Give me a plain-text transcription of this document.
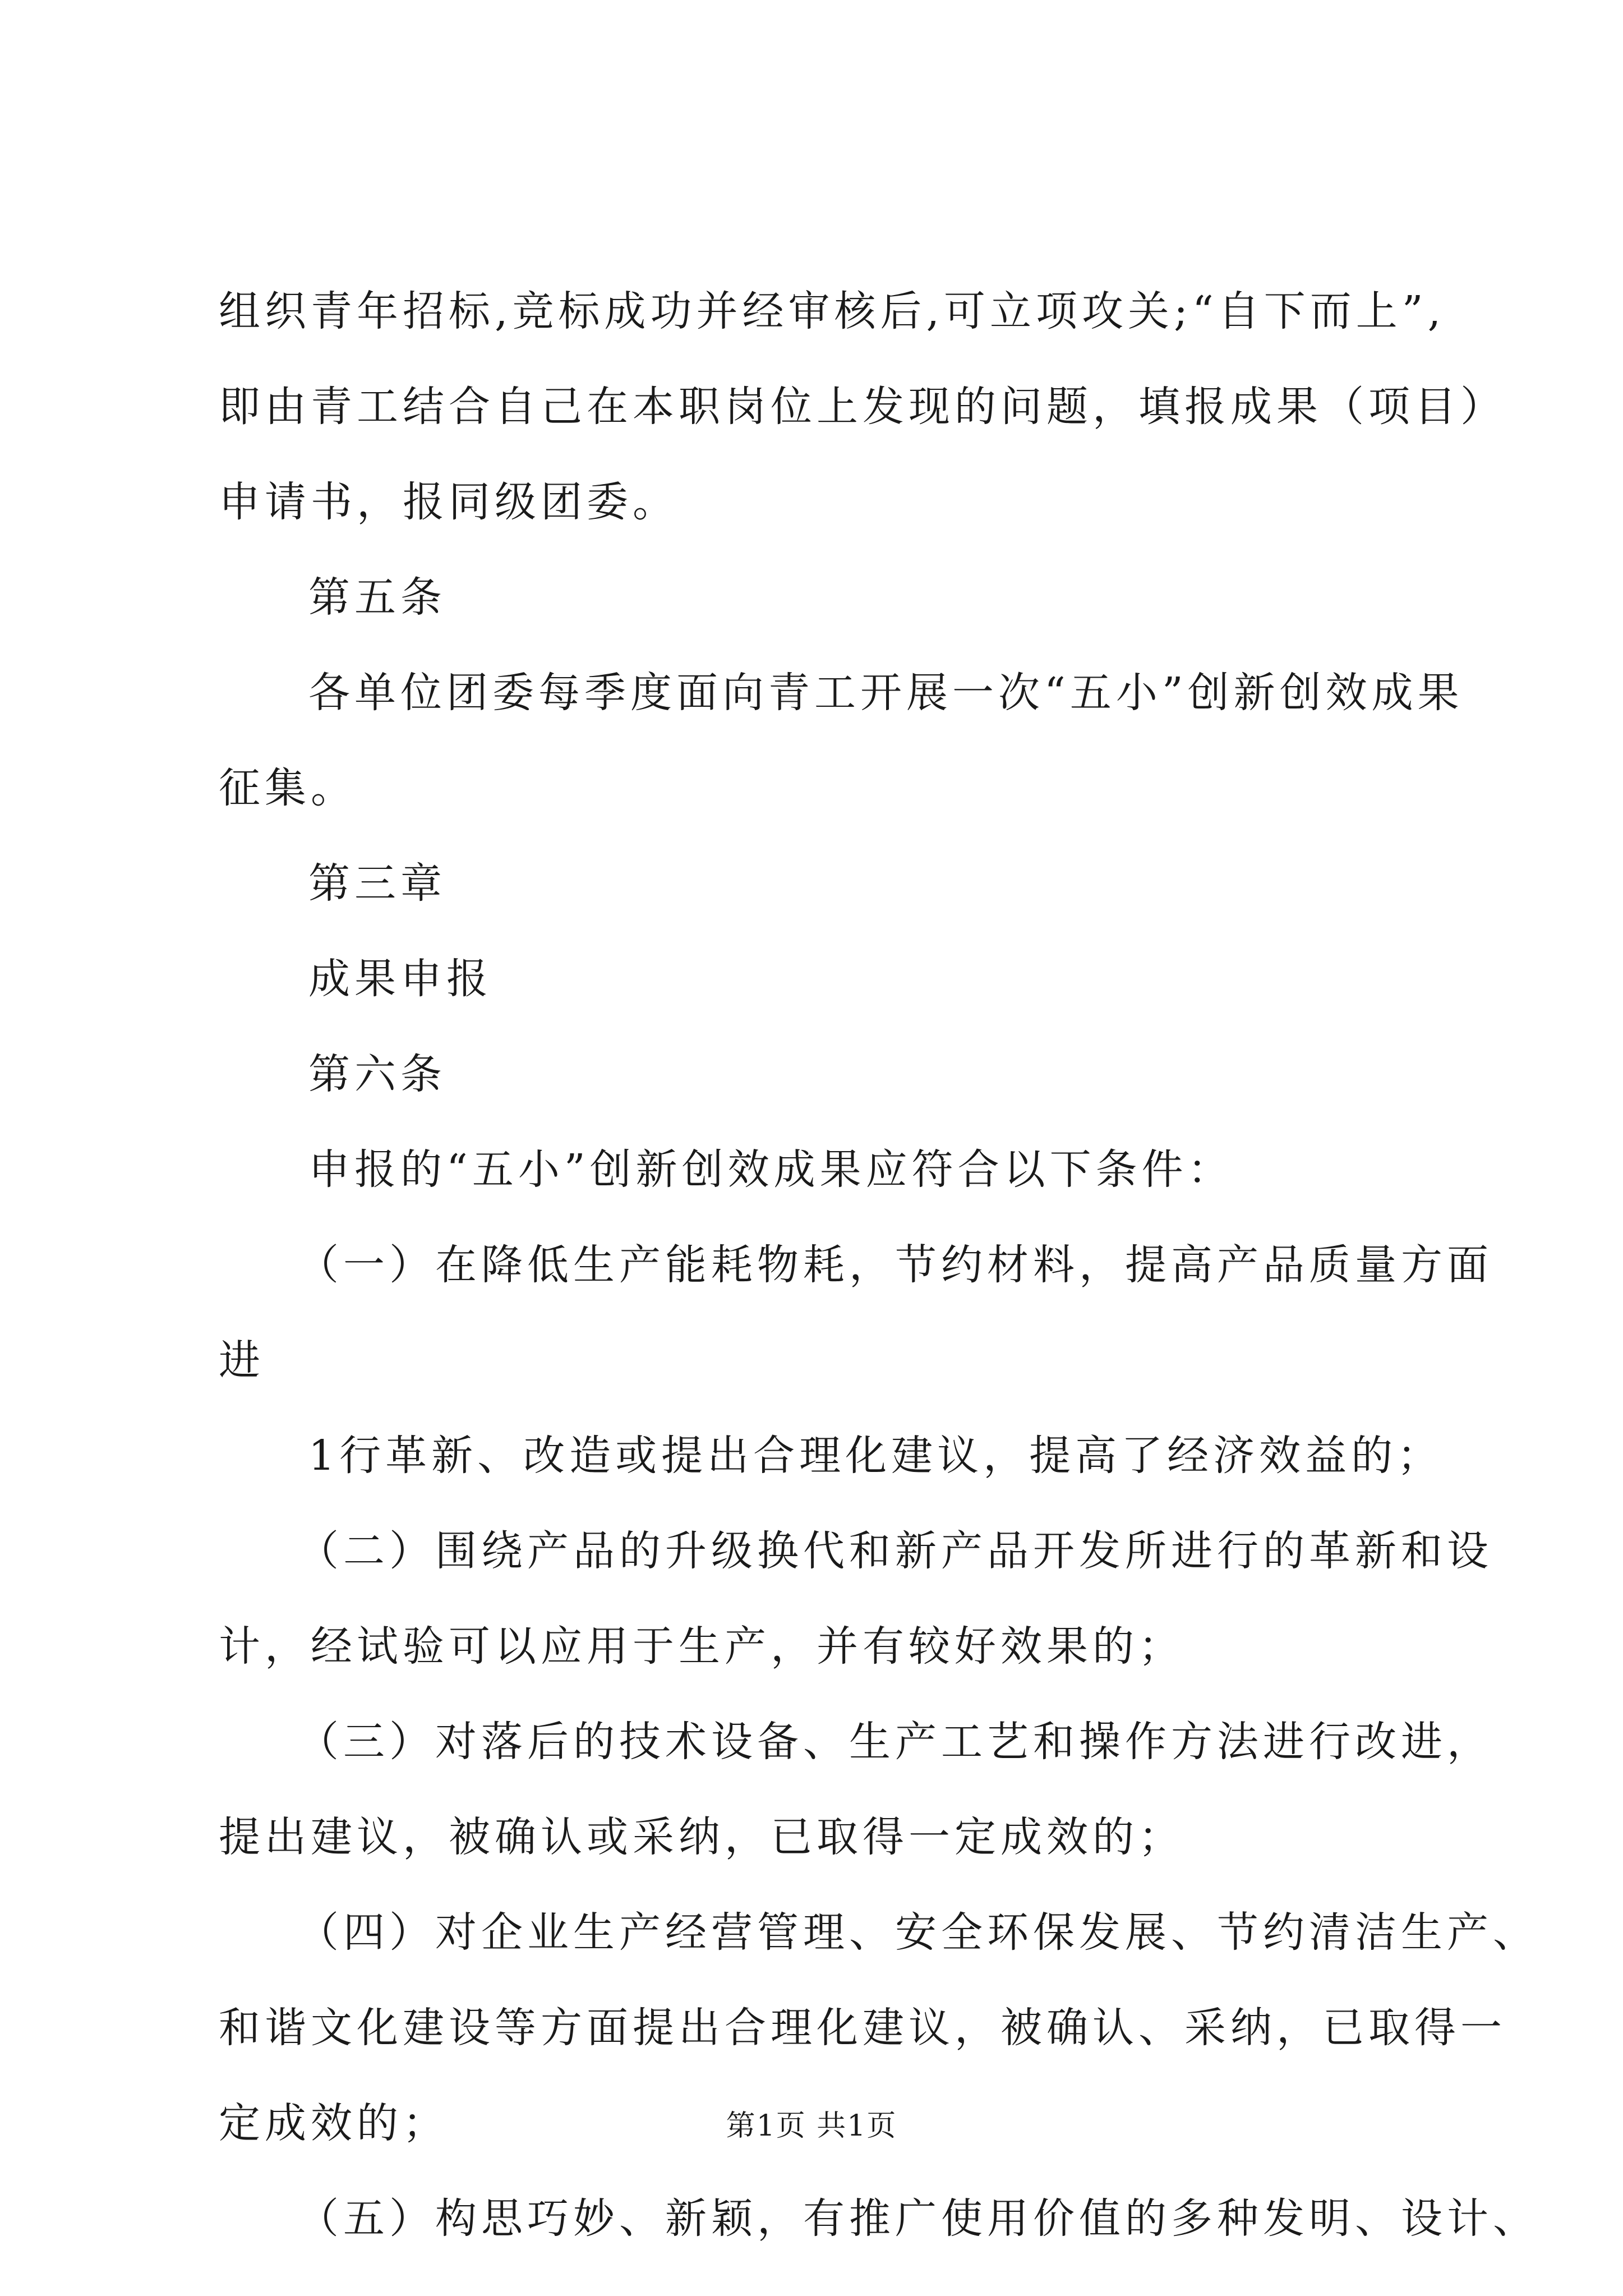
组织青年招标,竞标成功并经审核后,可立项攻关;“自下而上”,
即由青工结合自己在本职岗位上发现的问题，填报成果（项目）
申请书，报同级团委。
第五条
各单位团委每季度面向青工开展一次“五小”创新创效成果
征集。
第三章
成果申报
第六条
申报的“五小”创新创效成果应符合以下条件：
（一）在降低生产能耗物耗，节约材料，提高产品质量方面
进
1行革新、改造或提出合理化建议，提高了经济效益的；
（二）围绕产品的升级换代和新产品开发所进行的革新和设
计，经试验可以应用于生产，并有较好效果的；
（三）对落后的技术设备、生产工艺和操作方法进行改进，
提出建议，被确认或采纳，已取得一定成效的；
（四）对企业生产经营管理、安全环保发展、节约清洁生产、
和谐文化建设等方面提出合理化建议，被确认、采纳，已取得一
定成效的；
（五）构思巧妙、新颖，有推广使用价值的多种发明、设计、
第1页 共1页
